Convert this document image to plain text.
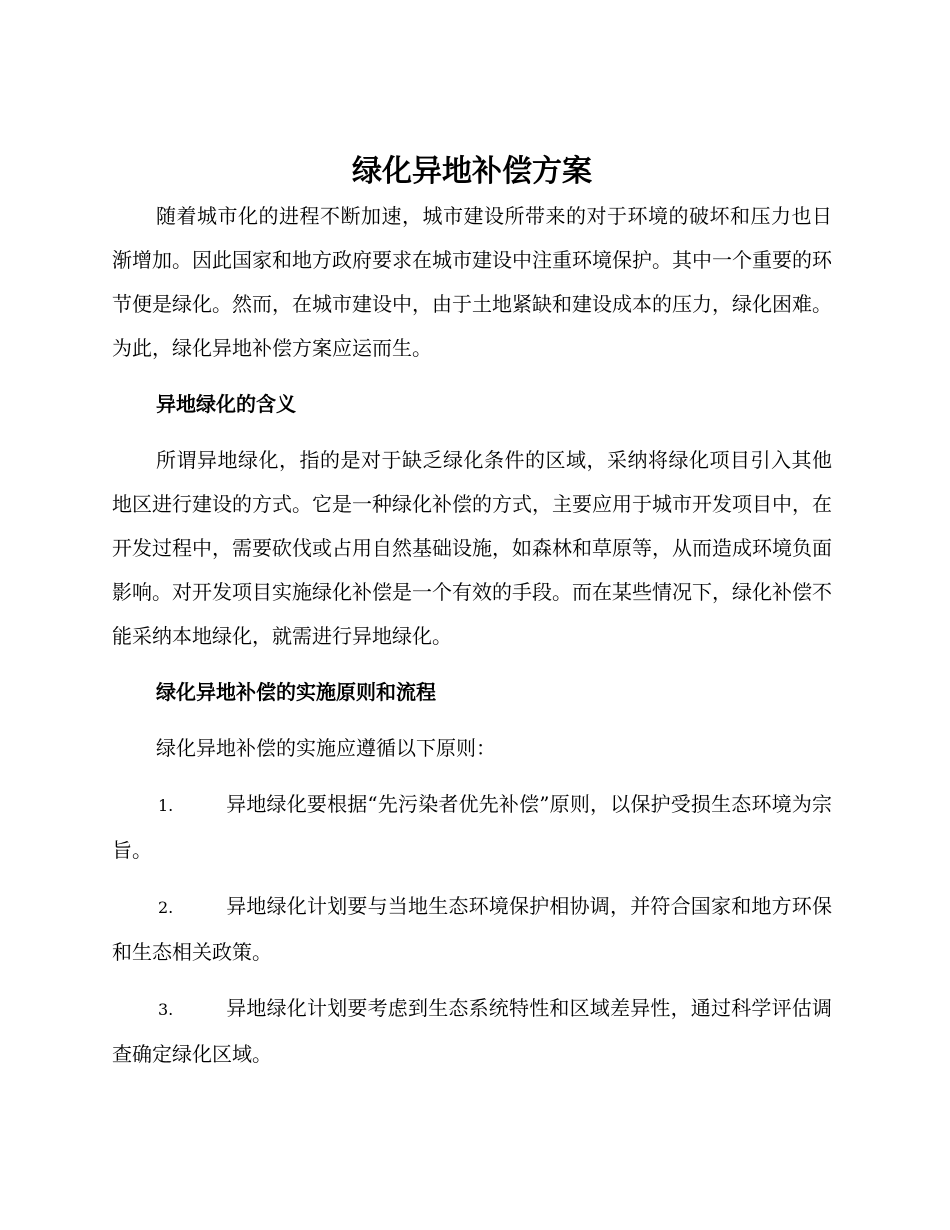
绿化异地补偿方案

随着城市化的进程不断加速，城市建设所带来的对于环境的破坏和压力也日渐增加。因此国家和地方政府要求在城市建设中注重环境保护。其中一个重要的环节便是绿化。然而，在城市建设中，由于土地紧缺和建设成本的压力，绿化困难。为此，绿化异地补偿方案应运而生。

异地绿化的含义

所谓异地绿化，指的是对于缺乏绿化条件的区域，采纳将绿化项目引入其他地区进行建设的方式。它是一种绿化补偿的方式，主要应用于城市开发项目中，在开发过程中，需要砍伐或占用自然基础设施，如森林和草原等，从而造成环境负面影响。对开发项目实施绿化补偿是一个有效的手段。而在某些情况下，绿化补偿不能采纳本地绿化，就需进行异地绿化。

绿化异地补偿的实施原则和流程
绿化异地补偿的实施应遵循以下原则：
1.	异地绿化要根据“先污染者优先补偿”原则，以保护受损生态环境为宗旨。
2.	异地绿化计划要与当地生态环境保护相协调，并符合国家和地方环保和生态相关政策。
3.	异地绿化计划要考虑到生态系统特性和区域差异性，通过科学评估调查确定绿化区域。
